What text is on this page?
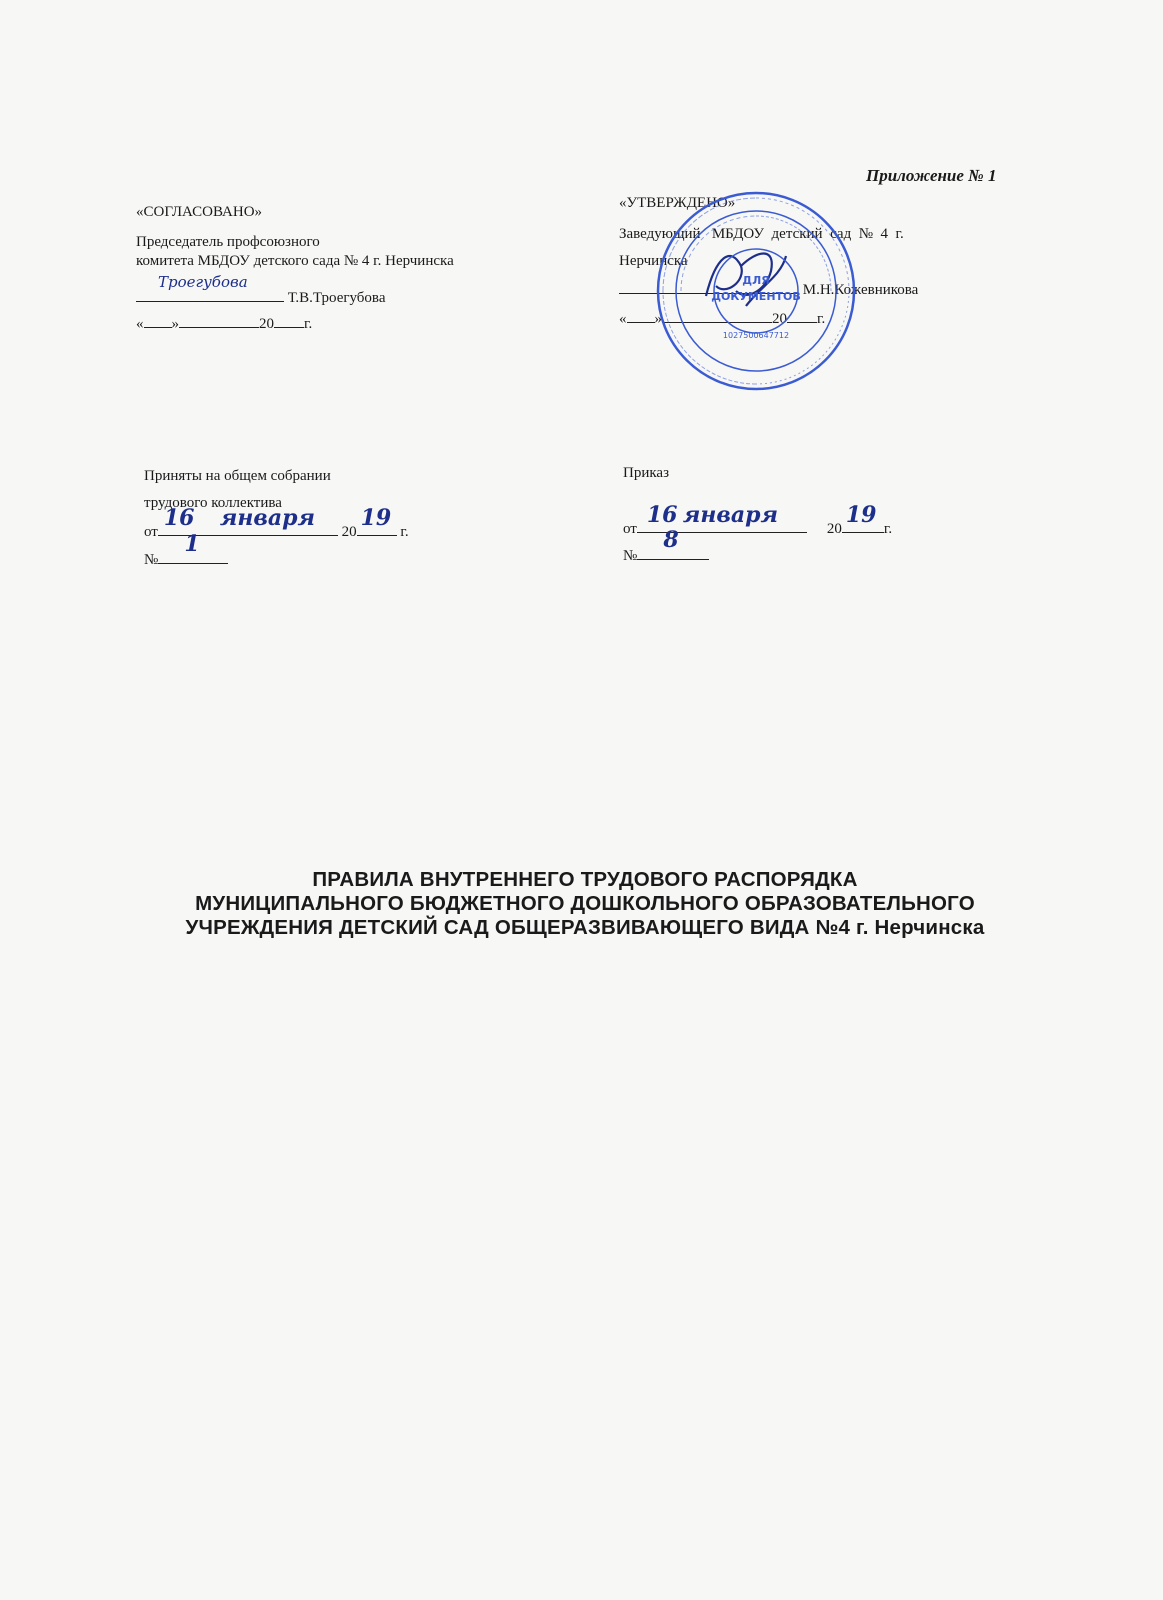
Приложение № 1
«СОГЛАСОВАНО»
Председатель профсоюзного
комитета МБДОУ детского сада № 4 г. Нерчинска
Троегубова
Т.В.Троегубова
« »	20 г.
«УТВЕРЖДЕНО»
Заведующий   МБДОУ  детский  сад  №  4  г.
Нерчинска
М.Н.Кожевникова
« »	20 г.
ДЛЯ
ДОКУМЕНТОВ
1027500647712
Приняты на общем собрании
трудового коллектива
от
16 января
20
19
г.
№
1
Приказ
от
16 января
20
19
г.
№
8
ПРАВИЛА ВНУТРЕННЕГО ТРУДОВОГО РАСПОРЯДКА
МУНИЦИПАЛЬНОГО БЮДЖЕТНОГО ДОШКОЛЬНОГО ОБРАЗОВАТЕЛЬНОГО
УЧРЕЖДЕНИЯ ДЕТСКИЙ САД ОБЩЕРАЗВИВАЮЩЕГО ВИДА №4 г. Нерчинска
